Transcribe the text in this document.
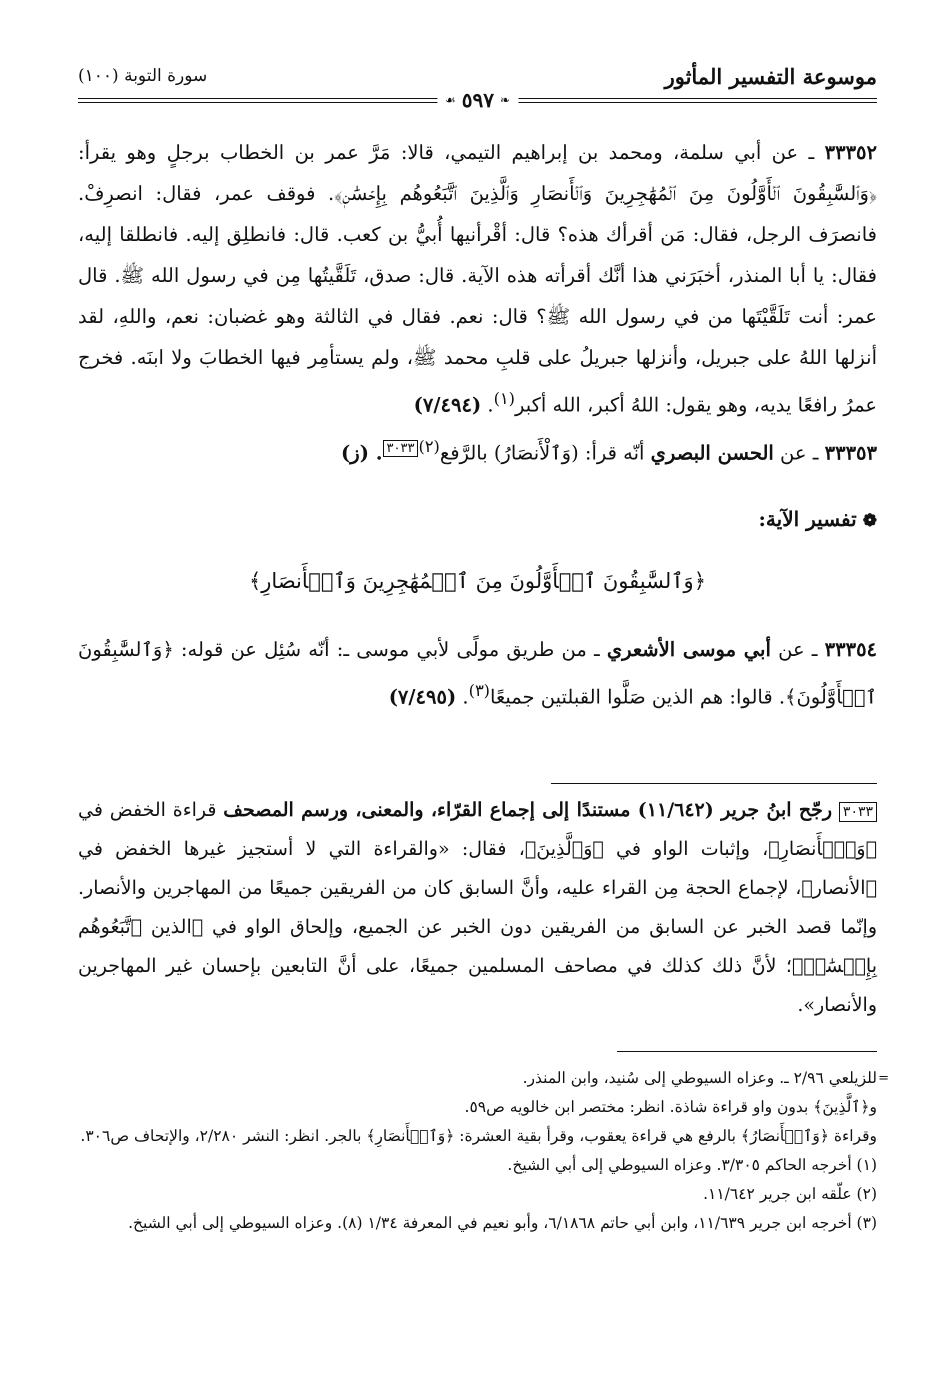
موسوعة التفسير المأثور
سورة التوبة (١٠٠)
❧
٥٩٧
☙

٣٣٣٥٢ ـ عن أبي سلمة، ومحمد بن إبراهيم التيمي، قالا: مَرَّ عمر بن الخطاب برجلٍ وهو يقرأ: ﴿وَٱلسَّٰبِقُونَ ٱلۡأَوَّلُونَ مِنَ ٱلۡمُهَٰجِرِينَ وَٱلۡأَنصَارِ وَٱلَّذِينَ ٱتَّبَعُوهُم بِإِحۡسَٰنٖ﴾. فوقف عمر، فقال: انصرِفْ. فانصرَف الرجل، فقال: مَن أقرأك هذه؟ قال: أقْرأنيها أُبيُّ بن كعب. قال: فانطلِق إليه. فانطلقا إليه، فقال: يا أبا المنذر، أخبَرَني هذا أنَّك أقرأته هذه الآية. قال: صدق، تَلَقَّيتُها مِن في رسول الله ﷺ. قال عمر: أنت تَلَقَّيْتَها من في رسول الله ﷺ؟ قال: نعم. فقال في الثالثة وهو غضبان: نعم، واللهِ، لقد أنزلها اللهُ على جبريل، وأنزلها جبريلُ على قلبِ محمد ﷺ، ولم يستأمِر فيها الخطابَ ولا ابنَه. فخرج عمرُ رافعًا يديه، وهو يقول: اللهُ أكبر، الله أكبر$^{(١)}$. (٧/٤٩٤)

٣٣٣٥٣ ـ عن الحسن البصري أنّه قرأ: (وَٱلْأَنصَارُ) بالرَّفع$^{(٢)}$٣٠٣٣. (ز)

❁تفسير الآية:
﴿وَٱلسَّٰبِقُونَ ٱلۡأَوَّلُونَ مِنَ ٱلۡمُهَٰجِرِينَ وَٱلۡأَنصَارِ﴾

٣٣٣٥٤ ـ عن أبي موسى الأشعري ـ من طريق مولًى لأبي موسى ـ: أنّه سُئِل عن قوله: ﴿وَٱلسَّٰبِقُونَ ٱلۡأَوَّلُونَ﴾. قالوا: هم الذين صَلَّوا القبلتين جميعًا$^{(٣)}$. (٧/٤٩٥)

٣٠٣٣ رجّح ابنُ جرير (١١/٦٤٢) مستندًا إلى إجماع القرّاء، والمعنى، ورسم المصحف قراءة الخفض في ﴿وَٱلۡأَنصَارِ﴾، وإثبات الواو في ﴿وَٱلَّذِينَ﴾، فقال: «والقراءة التي لا أستجيز غيرها الخفض في ﴿الأنصار﴾، لإجماع الحجة مِن القراء عليه، وأنَّ السابق كان من الفريقين جميعًا من المهاجرين والأنصار. وإنّما قصد الخبر عن السابق من الفريقين دون الخبر عن الجميع، وإلحاق الواو في ﴿الذين ٱتَّبَعُوهُم بِإِحۡسَٰنٖ﴾؛ لأنَّ ذلك كذلك في مصاحف المسلمين جميعًا، على أنَّ التابعين بإحسان غير المهاجرين والأنصار».

=

للزيلعي ٢/٩٦ ـ. وعزاه السيوطي إلى سُنيد، وابن المنذر.

و﴿ٱلَّذِينَ﴾ بدون واو قراءة شاذة. انظر: مختصر ابن خالويه ص٥٩.

وقراءة ﴿وَٱلۡأَنصَارُ﴾ بالرفع هي قراءة يعقوب، وقرأ بقية العشرة: ﴿وَٱلۡأَنصَارِ﴾ بالجر. انظر: النشر ٢/٢٨٠، والإتحاف ص٣٠٦.

(١) أخرجه الحاكم ٣/٣٠٥. وعزاه السيوطي إلى أبي الشيخ.

(٢) علّقه ابن جرير ١١/٦٤٢.

(٣) أخرجه ابن جرير ١١/٦٣٩، وابن أبي حاتم ٦/١٨٦٨، وأبو نعيم في المعرفة ١/٣٤ (٨). وعزاه السيوطي إلى أبي الشيخ.
